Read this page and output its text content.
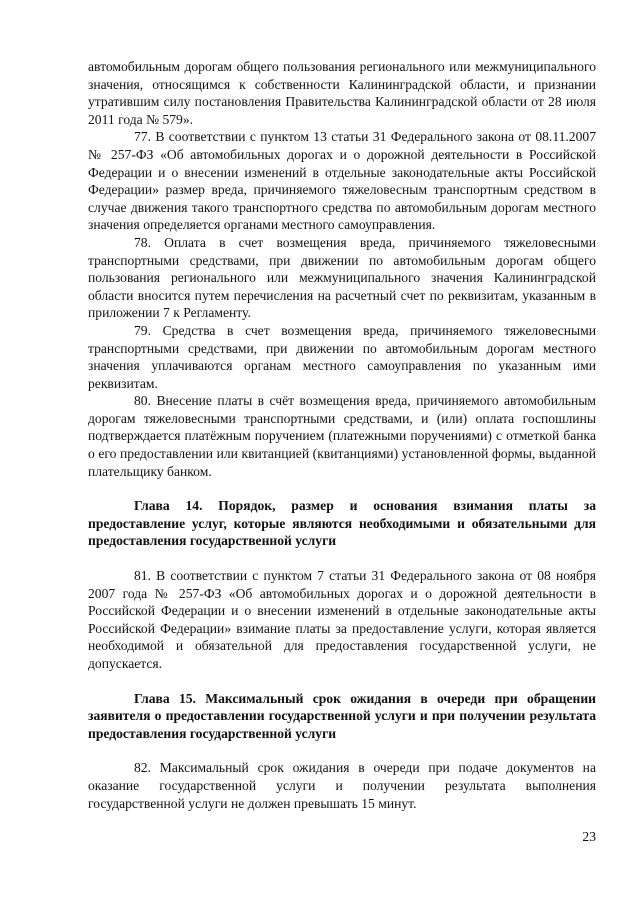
автомобильным дорогам общего пользования регионального или межмуниципального значения, относящимся к собственности Калининградской области, и признании утратившим силу постановления Правительства Калининградской области от 28 июля 2011 года № 579».

77. В соответствии с пунктом 13 статьи 31 Федерального закона от 08.11.2007 № 257-ФЗ «Об автомобильных дорогах и о дорожной деятельности в Российской Федерации и о внесении изменений в отдельные законодательные акты Российской Федерации» размер вреда, причиняемого тяжеловесным транспортным средством в случае движения такого транспортного средства по автомобильным дорогам местного значения определяется органами местного самоуправления.

78. Оплата в счет возмещения вреда, причиняемого тяжеловесными транспортными средствами, при движении по автомобильным дорогам общего пользования регионального или межмуниципального значения Калининградской области вносится путем перечисления на расчетный счет по реквизитам, указанным в приложении 7 к Регламенту.

79. Средства в счет возмещения вреда, причиняемого тяжеловесными транспортными средствами, при движении по автомобильным дорогам местного значения уплачиваются органам местного самоуправления по указанным ими реквизитам.

80. Внесение платы в счёт возмещения вреда, причиняемого автомобильным дорогам тяжеловесными транспортными средствами, и (или) оплата госпошлины подтверждается платёжным поручением (платежными поручениями) с отметкой банка о его предоставлении или квитанцией (квитанциями) установленной формы, выданной плательщику банком.

Глава 14. Порядок, размер и основания взимания платы за предоставление услуг, которые являются необходимыми и обязательными для предоставления государственной услуги

81. В соответствии с пунктом 7 статьи 31 Федерального закона от 08 ноября 2007 года № 257-ФЗ «Об автомобильных дорогах и о дорожной деятельности в Российской Федерации и о внесении изменений в отдельные законодательные акты Российской Федерации» взимание платы за предоставление услуги, которая является необходимой и обязательной для предоставления государственной услуги, не допускается.

Глава 15. Максимальный срок ожидания в очереди при обращении заявителя о предоставлении государственной услуги и при получении результата предоставления государственной услуги

82. Максимальный срок ожидания в очереди при подаче документов на оказание государственной услуги и получении результата выполнения государственной услуги не должен превышать 15 минут.

23
